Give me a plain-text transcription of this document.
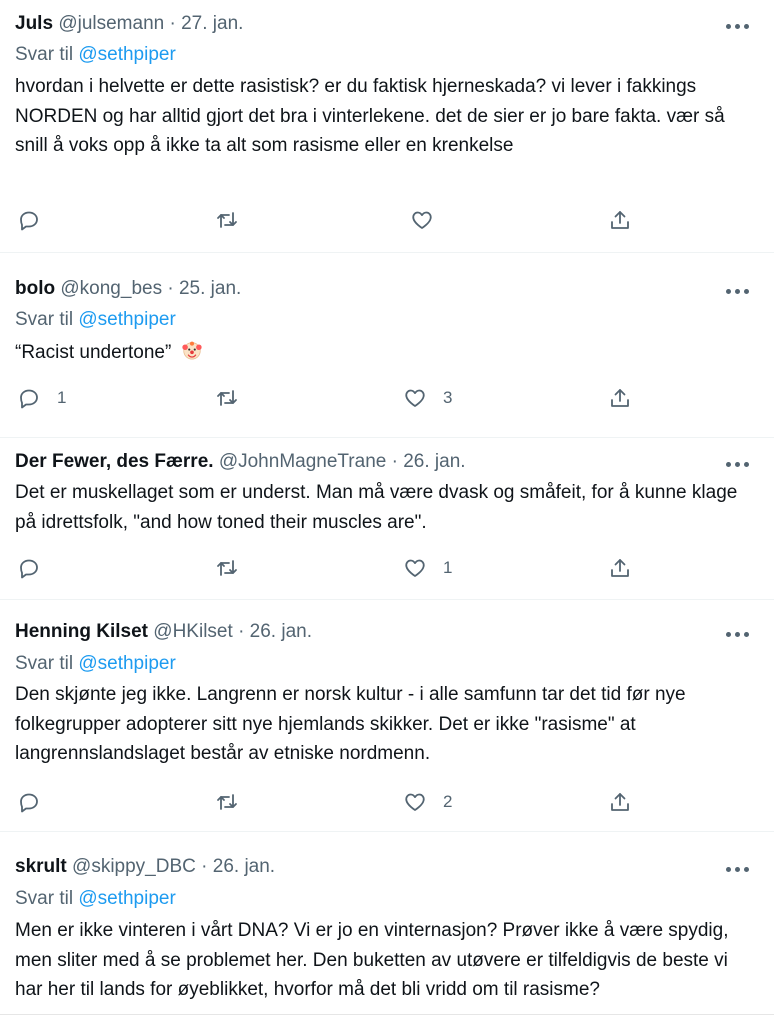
Juls @julsemann · 27. jan.
Svar til @sethpiper
hvordan i helvette er dette rasistisk? er du faktisk hjerneskada? vi lever i fakkings NORDEN og har alltid gjort det bra i vinterlekene. det de sier er jo bare fakta. vær så snill å voks opp å ikke ta alt som rasisme eller en krenkelse
bolo @kong_bes · 25. jan.
Svar til @sethpiper
“Racist undertone”
1	3
Der Fewer, des Færre. @JohnMagneTrane · 26. jan.
Det er muskellaget som er underst. Man må være dvask og småfeit, for å kunne klage på idrettsfolk, "and how toned their muscles are".
1
Henning Kilset @HKilset · 26. jan.
Svar til @sethpiper
Den skjønte jeg ikke. Langrenn er norsk kultur - i alle samfunn tar det tid før nye folkegrupper adopterer sitt nye hjemlands skikker. Det er ikke "rasisme" at langrennslandslaget består av etniske nordmenn.
2
skrult @skippy_DBC · 26. jan.
Svar til @sethpiper
Men er ikke vinteren i vårt DNA? Vi er jo en vinternasjon? Prøver ikke å være spydig, men sliter med å se problemet her. Den buketten av utøvere er tilfeldigvis de beste vi har her til lands for øyeblikket, hvorfor må det bli vridd om til rasisme?
